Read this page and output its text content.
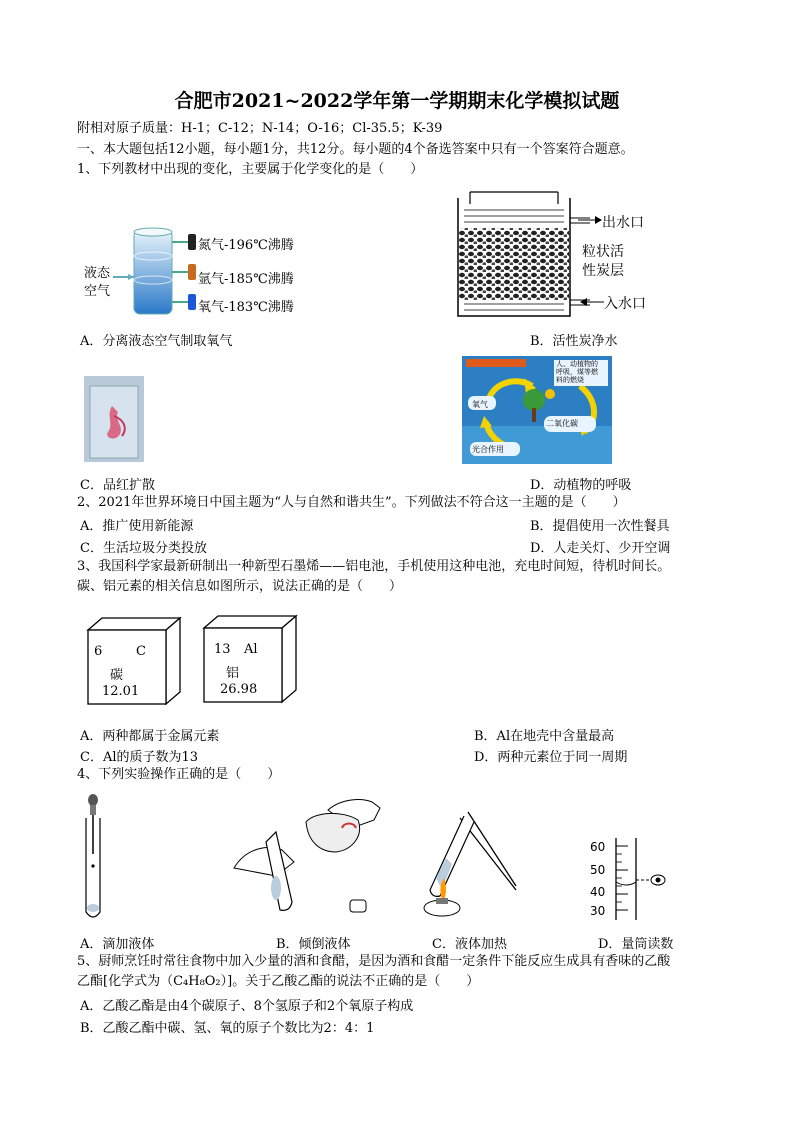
合肥市2021~2022学年第一学期期末化学模拟试题
附相对原子质量：H-1；C-12；N-14；O-16；Cl-35.5；K-39
一、本大题包括12小题，每小题1分，共12分。每小题的4个备选答案中只有一个答案符合题意。
1、下列教材中出现的变化，主要属于化学变化的是（　　）
液态
空气
氮气-196℃沸腾
氩气-185℃沸腾
氧气-183℃沸腾
出水口
粒状活
性炭层
入水口
A．分离液态空气制取氧气	B．活性炭净水
氧气
二氧化碳
光合作用
人、动植物的
呼吸，煤等燃
料的燃烧
C．品红扩散	D．动植物的呼吸
2、2021年世界环境日中国主题为“人与自然和谐共生”。下列做法不符合这一主题的是（　　）
A．推广使用新能源	B．提倡使用一次性餐具
C．生活垃圾分类投放	D．人走关灯、少开空调
3、我国科学家最新研制出一种新型石墨烯——铝电池，手机使用这种电池，充电时间短，待机时间长。
碳、铝元素的相关信息如图所示，说法正确的是（　　）
6	C
碳
12.01
13 Al
铝
26.98
A．两种都属于金属元素	B．Al在地壳中含量最高
C．Al的质子数为13	D．两种元素位于同一周期
4、下列实验操作正确的是（　　）
60
50
40
30
A．滴加液体	B．倾倒液体	C．液体加热	D．量筒读数
5、厨师烹饪时常往食物中加入少量的酒和食醋，是因为酒和食醋一定条件下能反应生成具有香味的乙酸
乙酯[化学式为（C₄H₈O₂）]。关于乙酸乙酯的说法不正确的是（　　）
A．乙酸乙酯是由4个碳原子、8个氢原子和2个氧原子构成
B．乙酸乙酯中碳、氢、氧的原子个数比为2：4：1
